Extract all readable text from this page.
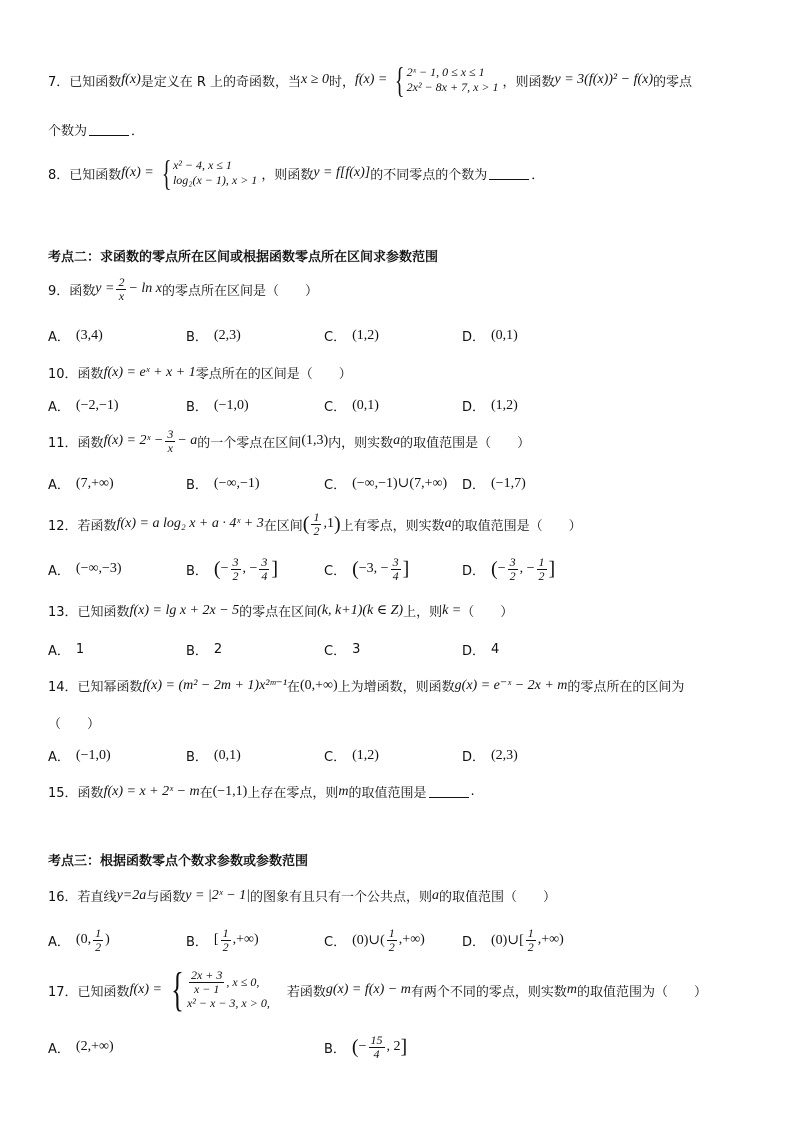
7． 已知函数 f(x) 是定义在 R 上的奇函数，当 x ≥ 0 时， f(x) = { 2ˣ − 1, 0 ≤ x ≤ 1
2x² − 8x + 7, x > 1 ，则函数 y = 3(f(x))² − f(x) 的零点
个数为	．
8． 已知函数 f(x) = { x² − 4, x ≤ 1
log₂(x − 1), x > 1 ，则函数 y = f[f(x)] 的不同零点的个数为	．
考点二：求函数的零点所在区间或根据函数零点所在区间求参数范围
9． 函数 $y = \frac{2}{x} - \ln x$ 的零点所在区间是（　　）
A． (3,4)	B． (2,3)	C． (1,2)	D． (0,1)
10． 函数 f(x) = eˣ + x + 1 零点所在的区间是（　　）
A． (−2,−1)	B． (−1,0)	C． (0,1)	D． (1,2)
11． 函数 f(x) = 2ˣ − $\frac{3}{x} - a$ 的一个零点在区间 (1,3) 内，则实数 a 的取值范围是（　　）
A． (7,+∞)	B． (−∞,−1)	C． (−∞,−1)∪(7,+∞) D． (−1,7)
12． 若函数 f(x) = a log₂ x + a · 4ˣ + 3 在区间 ( $\frac{1}{2} ,1$ ) 上有零点，则实数 a 的取值范围是（　　）
A． (−∞,−3)	B． ( − $\frac{3}{2}$ , − $\frac{3}{4}$ ]	C． ( −3 , − $\frac{3}{4}$ ]	D． ( − $\frac{3}{2}$ , − $\frac{1}{2}$ ]
13． 已知函数 f(x) = lg x + 2x − 5 的零点在区间 (k, k+1)(k ∈ Z) 上，则 k = （　　）
A． 1	B． 2	C． 3	D． 4
14． 已知幂函数 f(x) = (m² − 2m + 1)x²ᵐ⁻¹ 在 (0,+∞) 上为增函数，则函数 g(x) = e⁻ˣ − 2x + m 的零点所在的区间为
（　　）
A． (−1,0)	B． (0,1)	C． (1,2)	D． (2,3)
15． 函数 f(x) = x + 2ˣ − m 在 (−1,1) 上存在零点，则 m 的取值范围是	.
考点三：根据函数零点个数求参数或参数范围
16． 若直线 y=2a 与函数 y = |2ˣ − 1| 的图象有且只有一个公共点，则 a 的取值范围（　　）
A． (0, $\frac{1}{2}$ )	B． [ $\frac{1}{2}$ ,+∞)	C． (0)∪( $\frac{1}{2}$ ,+∞)	D． (0)∪[ $\frac{1}{2}$ ,+∞)
17． 已知函数 f(x) = { $\frac{2x + 3}{x - 1}$ , x ≤ 0,
x² − x − 3, x > 0,
　若函数 g(x) = f(x) − m 有两个不同的零点，则实数 m 的取值范围为（　　）
A． (2,+∞)	B． ( − $\frac{15}{4}$ , 2 ]
